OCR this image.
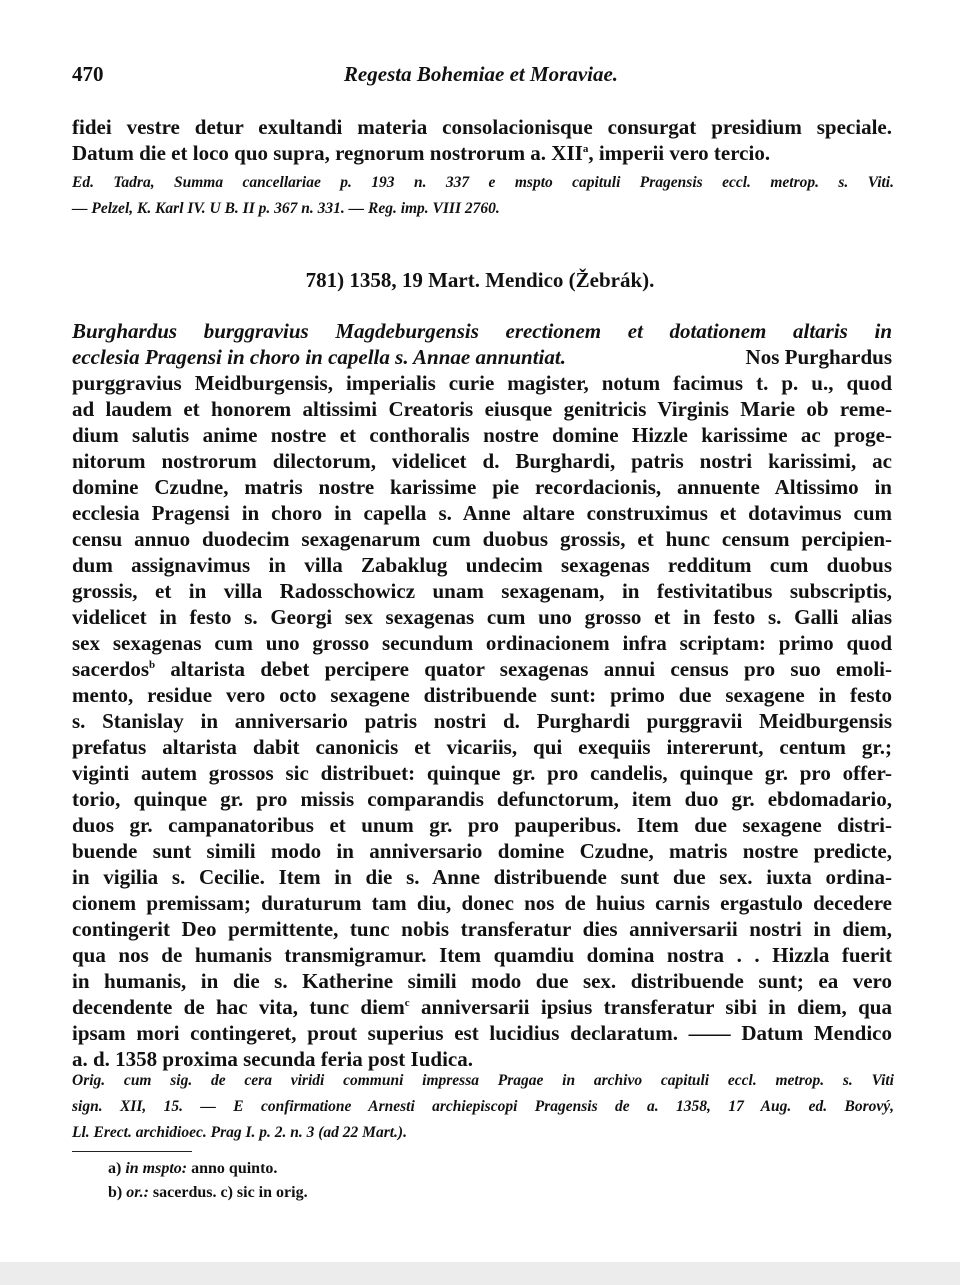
470	Regesta Bohemiae et Moraviae.
fidei vestre detur exultandi materia consolacionisque consurgat presidium speciale.
Datum die et loco quo supra, regnorum nostrorum a. XII$^a$, imperii vero tercio.
Ed. Tadra, Summa cancellariae p. 193 n. 337 e mspto capituli Pragensis eccl. metrop. s. Viti.
— Pelzel, K. Karl IV. U B. II p. 367 n. 331. — Reg. imp. VIII 2760.
781) 1358, 19 Mart. Mendico (Žebrák).
Burghardus burggravius Magdeburgensis erectionem et dotationem altaris in
ecclesia Pragensi in choro in capella s. Annae annuntiat.	Nos Purghardus
purggravius Meidburgensis, imperialis curie magister, notum facimus t. p. u., quod
ad laudem et honorem altissimi Creatoris eiusque genitricis Virginis Marie ob reme-
dium salutis anime nostre et conthoralis nostre domine Hizzle karissime ac proge-
nitorum nostrorum dilectorum, videlicet d. Burghardi, patris nostri karissimi, ac
domine Czudne, matris nostre karissime pie recordacionis, annuente Altissimo in
ecclesia Pragensi in choro in capella s. Anne altare construximus et dotavimus cum
censu annuo duodecim sexagenarum cum duobus grossis, et hunc censum percipien-
dum assignavimus in villa Zabaklug undecim sexagenas redditum cum duobus
grossis, et in villa Radosschowicz unam sexagenam, in festivitatibus subscriptis,
videlicet in festo s. Georgi sex sexagenas cum uno grosso et in festo s. Galli alias
sex sexagenas cum uno grosso secundum ordinacionem infra scriptam: primo quod
sacerdos$^b$ altarista debet percipere quator sexagenas annui census pro suo emoli-
mento, residue vero octo sexagene distribuende sunt: primo due sexagene in festo
s. Stanislay in anniversario patris nostri d. Purghardi purggravii Meidburgensis
prefatus altarista dabit canonicis et vicariis, qui exequiis intererunt, centum gr.;
viginti autem grossos sic distribuet: quinque gr. pro candelis, quinque gr. pro offer-
torio, quinque gr. pro missis comparandis defunctorum, item duo gr. ebdomadario,
duos gr. campanatoribus et unum gr. pro pauperibus. Item due sexagene distri-
buende sunt simili modo in anniversario domine Czudne, matris nostre predicte,
in vigilia s. Cecilie. Item in die s. Anne distribuende sunt due sex. iuxta ordina-
cionem premissam; duraturum tam diu, donec nos de huius carnis ergastulo decedere
contingerit Deo permittente, tunc nobis transferatur dies anniversarii nostri in diem,
qua nos de humanis transmigramur. Item quamdiu domina nostra . . Hizzla fuerit
in humanis, in die s. Katherine simili modo due sex. distribuende sunt; ea vero
decendente de hac vita, tunc diem$^c$ anniversarii ipsius transferatur sibi in diem, qua
ipsam mori contingeret, prout superius est lucidius declaratum. —— Datum Mendico
a. d. 1358 proxima secunda feria post Iudica.
Orig. cum sig. de cera viridi communi impressa Pragae in archivo capituli eccl. metrop. s. Viti
sign. XII, 15. — E confirmatione Arnesti archiepiscopi Pragensis de a. 1358, 17 Aug. ed. Borový,
Ll. Erect. archidioec. Prag I. p. 2. n. 3 (ad 22 Mart.).
a) in mspto: anno quinto.
b) or.: sacerdus. c) sic in orig.
